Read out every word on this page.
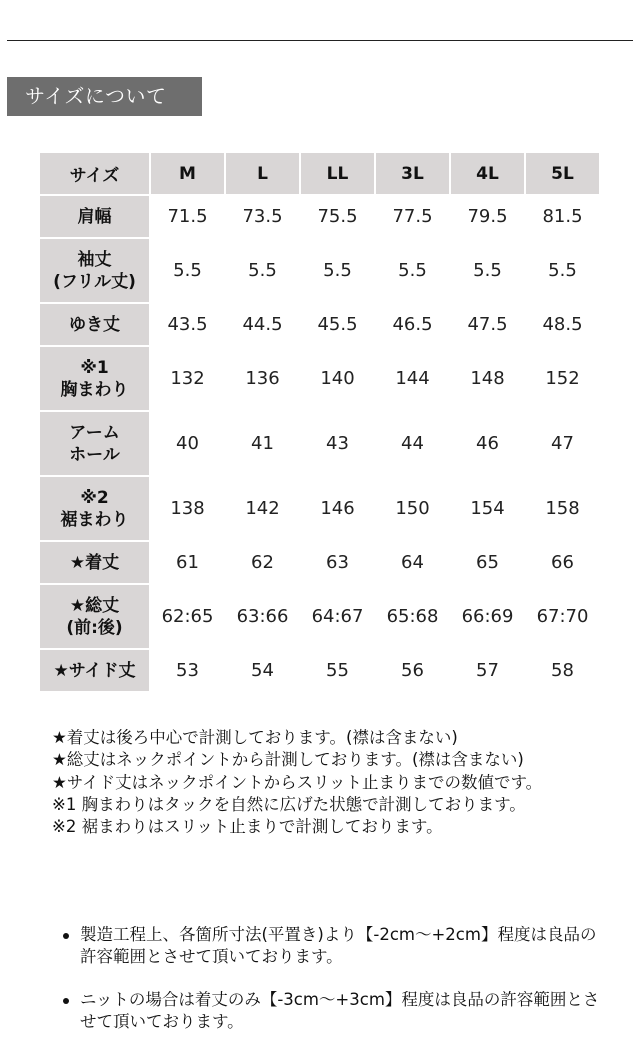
サイズについて
サイズ	M	L	LL	3L	4L	5L
肩幅	71.5	73.5	75.5	77.5	79.5	81.5
袖丈
(フリル丈)	5.5	5.5	5.5	5.5	5.5	5.5
ゆき丈	43.5	44.5	45.5	46.5	47.5	48.5
※1
胸まわり	132	136	140	144	148	152
アーム
ホール	40	41	43	44	46	47
※2
裾まわり	138	142	146	150	154	158
★着丈	61	62	63	64	65	66
★総丈
(前:後)	62:65	63:66	64:67	65:68	66:69	67:70
★サイド丈	53	54	55	56	57	58

★着丈は後ろ中心で計測しております。(襟は含まない)

★総丈はネックポイントから計測しております。(襟は含まない)

★サイド丈はネックポイントからスリット止まりまでの数値です。

※1 胸まわりはタックを自然に広げた状態で計測しております。

※2 裾まわりはスリット止まりで計測しております。

製造工程上、各箇所寸法(平置き)より【-2cm〜+2cm】程度は良品の許容範囲とさせて頂いております。
ニットの場合は着丈のみ【-3cm〜+3cm】程度は良品の許容範囲とさせて頂いております。
